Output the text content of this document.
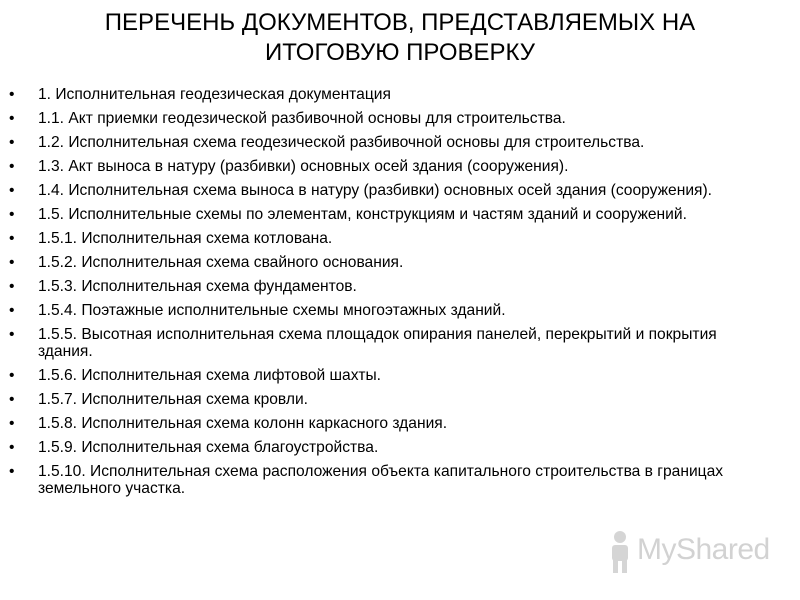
ПЕРЕЧЕНЬ ДОКУМЕНТОВ, ПРЕДСТАВЛЯЕМЫХ НА ИТОГОВУЮ ПРОВЕРКУ
• 1. Исполнительная геодезическая документация
• 1.1. Акт приемки геодезической разбивочной основы для строительства.
• 1.2. Исполнительная схема геодезической разбивочной основы для строительства.
• 1.3. Акт выноса в натуру (разбивки) основных осей здания (сооружения).
• 1.4. Исполнительная схема выноса в натуру (разбивки) основных осей здания (сооружения).
• 1.5. Исполнительные схемы по элементам, конструкциям и частям зданий и сооружений.
• 1.5.1. Исполнительная схема котлована.
• 1.5.2. Исполнительная схема свайного основания.
• 1.5.3. Исполнительная схема фундаментов.
• 1.5.4. Поэтажные исполнительные схемы многоэтажных зданий.
• 1.5.5. Высотная исполнительная схема площадок опирания панелей, перекрытий и покрытия здания.
• 1.5.6. Исполнительная схема лифтовой шахты.
• 1.5.7. Исполнительная схема кровли.
• 1.5.8. Исполнительная схема колонн каркасного здания.
• 1.5.9. Исполнительная схема благоустройства.
• 1.5.10. Исполнительная схема расположения объекта капитального строительства в границах земельного участка.
MyShared
